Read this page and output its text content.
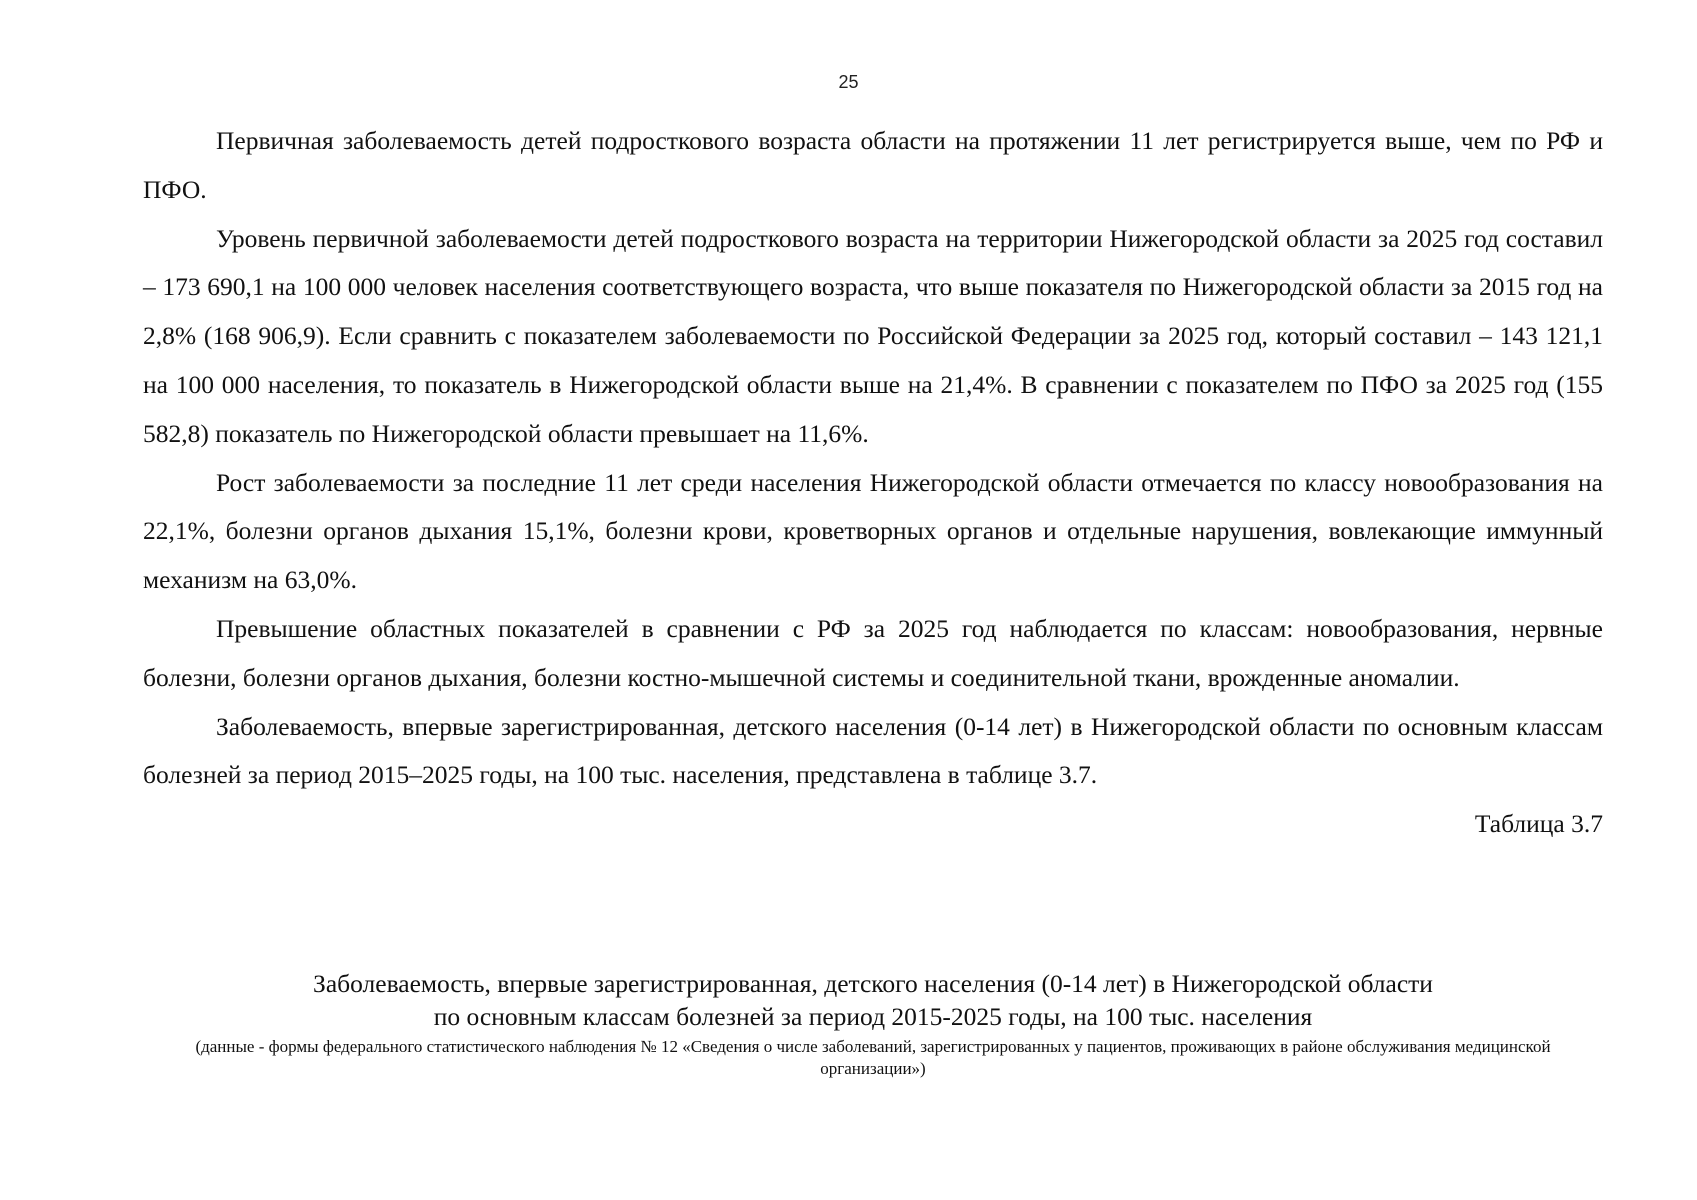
25

Первичная заболеваемость детей подросткового возраста области на протяжении 11 лет регистрируется выше, чем по РФ и ПФО.

Уровень первичной заболеваемости детей подросткового возраста на территории Нижегородской области за 2025 год составил – 173 690,1 на 100 000 человек населения соответствующего возраста, что выше показателя по Нижегородской области за 2015 год на 2,8% (168 906,9). Если сравнить с показателем заболеваемости по Российской Федерации за 2025 год, который составил – 143 121,1 на 100 000 населения, то показатель в Нижегородской области выше на 21,4%. В сравнении с показателем по ПФО за 2025 год (155 582,8) показатель по Нижегородской области превышает на 11,6%.

Рост заболеваемости за последние 11 лет среди населения Нижегородской области отмечается по классу новообразования на 22,1%, болезни органов дыхания 15,1%, болезни крови, кроветворных органов и отдельные нарушения, вовлекающие иммунный механизм на 63,0%.

Превышение областных показателей в сравнении с РФ за 2025 год наблюдается по классам: новообразования, нервные болезни, болезни органов дыхания, болезни костно-мышечной системы и соединительной ткани, врожденные аномалии.

Заболеваемость, впервые зарегистрированная, детского населения (0-14 лет) в Нижегородской области по основным классам болезней за период 2015–2025 годы, на 100 тыс. населения, представлена в таблице 3.7.

Таблица 3.7

Заболеваемость, впервые зарегистрированная, детского населения (0-14 лет) в Нижегородской области
по основным классам болезней за период 2015-2025 годы, на 100 тыс. населения
(данные - формы федерального статистического наблюдения № 12 «Сведения о числе заболеваний, зарегистрированных у пациентов, проживающих в районе обслуживания медицинской организации»)
